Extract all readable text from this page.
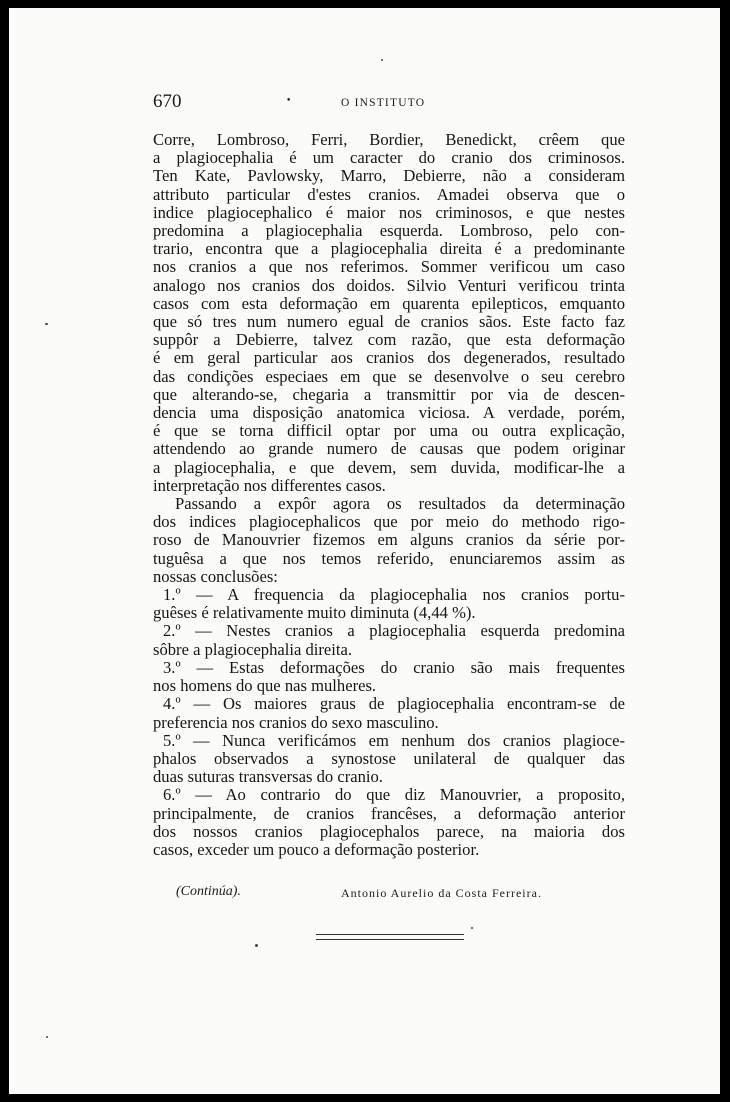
670	•	O INSTITUTO

Corre, Lombroso, Ferri, Bordier, Benedickt, crêem que

a plagiocephalia é um caracter do cranio dos criminosos.

Ten Kate, Pavlowsky, Marro, Debierre, não a consideram

attributo particular d'estes cranios. Amadei observa que o

indice plagiocephalico é maior nos criminosos, e que nestes

predomina a plagiocephalia esquerda. Lombroso, pelo con-

trario, encontra que a plagiocephalia direita é a predominante

nos cranios a que nos referimos. Sommer verificou um caso

analogo nos cranios dos doidos. Silvio Venturi verificou trinta

casos com esta deformação em quarenta epilepticos, emquanto

que só tres num numero egual de cranios sãos. Este facto faz

suppôr a Debierre, talvez com razão, que esta deformação

é em geral particular aos cranios dos degenerados, resultado

das condições especiaes em que se desenvolve o seu cerebro

que alterando-se, chegaria a transmittir por via de descen-

dencia uma disposição anatomica viciosa. A verdade, porém,

é que se torna difficil optar por uma ou outra explicação,

attendendo ao grande numero de causas que podem originar

a plagiocephalia, e que devem, sem duvida, modificar-lhe a

interpretação nos differentes casos.

Passando a expôr agora os resultados da determinação

dos indices plagiocephalicos que por meio do methodo rigo-

roso de Manouvrier fizemos em alguns cranios da série por-

tuguêsa a que nos temos referido, enunciaremos assim as

nossas conclusões:

1.º — A frequencia da plagiocephalia nos cranios portu-

guêses é relativamente muito diminuta (4,44 %).

2.º — Nestes cranios a plagiocephalia esquerda predomina

sôbre a plagiocephalia direita.

3.º — Estas deformações do cranio são mais frequentes

nos homens do que nas mulheres.

4.º — Os maiores graus de plagiocephalia encontram-se de

preferencia nos cranios do sexo masculino.

5.º — Nunca verificámos em nenhum dos cranios plagioce-

phalos observados a synostose unilateral de qualquer das

duas suturas transversas do cranio.

6.º — Ao contrario do que diz Manouvrier, a proposito,

principalmente, de cranios francêses, a deformação anterior

dos nossos cranios plagiocephalos parece, na maioria dos

casos, exceder um pouco a deformação posterior.

(Continúa).	Antonio Aurelio da Costa Ferreira.
